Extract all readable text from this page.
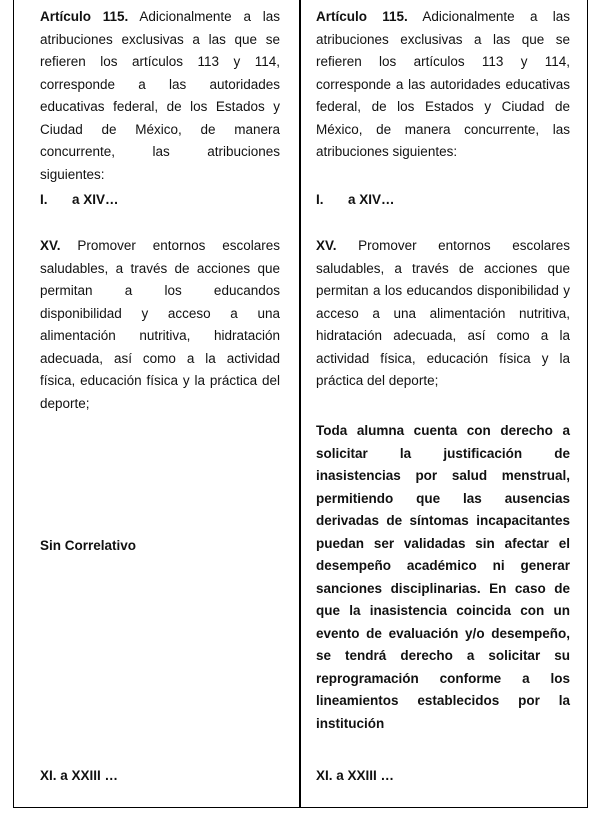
Artículo 115. Adicionalmente a las atribuciones exclusivas a las que se refieren los artículos 113 y 114, corresponde a las autoridades educativas federal, de los Estados y Ciudad de México, de manera concurrente, las atribuciones siguientes:

I. a XIV…

XV. Promover entornos escolares saludables, a través de acciones que permitan a los educandos disponibilidad y acceso a una alimentación nutritiva, hidratación adecuada, así como a la actividad física, educación física y la práctica del deporte;

Sin Correlativo

XI. a XXIII …

Artículo 115. Adicionalmente a las atribuciones exclusivas a las que se refieren los artículos 113 y 114, corresponde a las autoridades educativas federal, de los Estados y Ciudad de México, de manera concurrente, las atribuciones siguientes:

I. a XIV…

XV. Promover entornos escolares saludables, a través de acciones que permitan a los educandos disponibilidad y acceso a una alimentación nutritiva, hidratación adecuada, así como a la actividad física, educación física y la práctica del deporte;

Toda alumna cuenta con derecho a solicitar la justificación de inasistencias por salud menstrual, permitiendo que las ausencias derivadas de síntomas incapacitantes puedan ser validadas sin afectar el desempeño académico ni generar sanciones disciplinarias. En caso de que la inasistencia coincida con un evento de evaluación y/o desempeño, se tendrá derecho a solicitar su reprogramación conforme a los lineamientos establecidos por la institución

XI. a XXIII …
